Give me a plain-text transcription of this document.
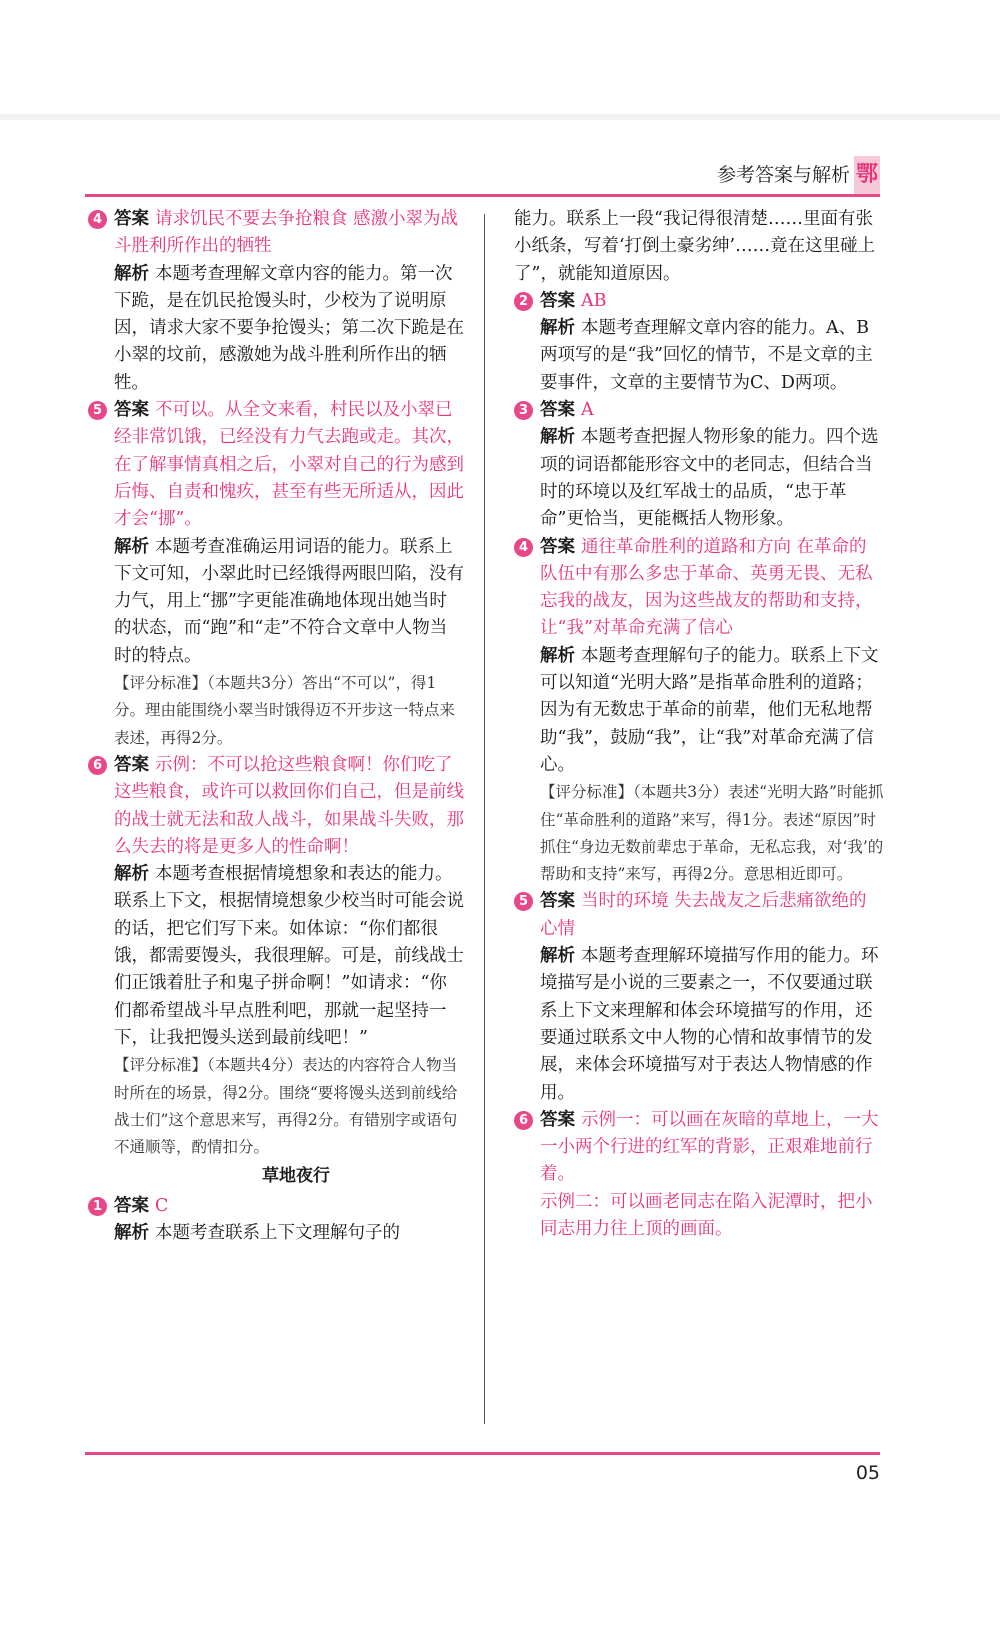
参考答案与解析 鄂
4 答案 请求饥民不要去争抢粮食 感激小翠为战斗胜利所作出的牺牲

解析 本题考查理解文章内容的能力。第一次下跪，是在饥民抢馒头时，少校为了说明原因，请求大家不要争抢馒头；第二次下跪是在小翠的坟前，感激她为战斗胜利所作出的牺牲。

5 答案 不可以。从全文来看，村民以及小翠已经非常饥饿，已经没有力气去跑或走。其次，在了解事情真相之后，小翠对自己的行为感到后悔、自责和愧疚，甚至有些无所适从，因此才会“挪”。

解析 本题考查准确运用词语的能力。联系上下文可知，小翠此时已经饿得两眼凹陷，没有力气，用上“挪”字更能准确地体现出她当时的状态，而“跑”和“走”不符合文章中人物当时的特点。

【评分标准】（本题共3分）答出“不可以”，得1分。理由能围绕小翠当时饿得迈不开步这一特点来表述，再得2分。

6 答案 示例：不可以抢这些粮食啊！你们吃了这些粮食，或许可以救回你们自己，但是前线的战士就无法和敌人战斗，如果战斗失败，那么失去的将是更多人的性命啊！

解析 本题考查根据情境想象和表达的能力。联系上下文，根据情境想象少校当时可能会说的话，把它们写下来。如体谅：“你们都很饿，都需要馒头，我很理解。可是，前线战士们正饿着肚子和鬼子拼命啊！”如请求：“你们都希望战斗早点胜利吧，那就一起坚持一下，让我把馒头送到最前线吧！”

【评分标准】（本题共4分）表达的内容符合人物当时所在的场景，得2分。围绕“要将馒头送到前线给战士们”这个意思来写，再得2分。有错别字或语句不通顺等，酌情扣分。

草地夜行
1 答案 C

解析 本题考查联系上下文理解句子的

能力。联系上一段“我记得很清楚……里面有张小纸条，写着‘打倒土豪劣绅’……竟在这里碰上了”，就能知道原因。

2 答案 AB

解析 本题考查理解文章内容的能力。A、B两项写的是“我”回忆的情节，不是文章的主要事件，文章的主要情节为C、D两项。

3 答案 A

解析 本题考查把握人物形象的能力。四个选项的词语都能形容文中的老同志，但结合当时的环境以及红军战士的品质，“忠于革命”更恰当，更能概括人物形象。

4 答案 通往革命胜利的道路和方向 在革命的队伍中有那么多忠于革命、英勇无畏、无私忘我的战友，因为这些战友的帮助和支持，让“我”对革命充满了信心

解析 本题考查理解句子的能力。联系上下文可以知道“光明大路”是指革命胜利的道路；因为有无数忠于革命的前辈，他们无私地帮助“我”，鼓励“我”，让“我”对革命充满了信心。

【评分标准】（本题共3分）表述“光明大路”时能抓住“革命胜利的道路”来写，得1分。表述“原因”时抓住“身边无数前辈忠于革命，无私忘我，对‘我’的帮助和支持”来写，再得2分。意思相近即可。

5 答案 当时的环境 失去战友之后悲痛欲绝的心情

解析 本题考查理解环境描写作用的能力。环境描写是小说的三要素之一，不仅要通过联系上下文来理解和体会环境描写的作用，还要通过联系文中人物的心情和故事情节的发展，来体会环境描写对于表达人物情感的作用。

6 答案 示例一：可以画在灰暗的草地上，一大一小两个行进的红军的背影，正艰难地前行着。

示例二：可以画老同志在陷入泥潭时，把小同志用力往上顶的画面。

05
